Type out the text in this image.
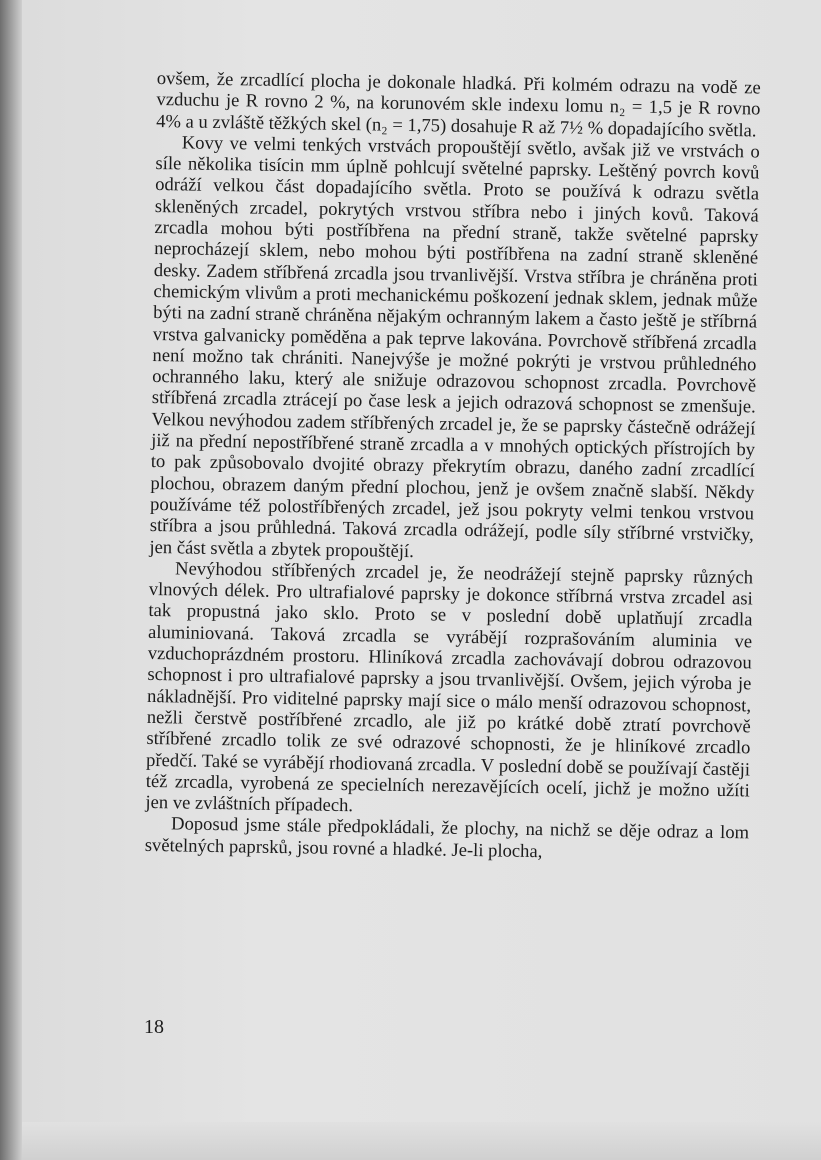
ovšem, že zrcadlící plocha je dokonale hladká. Při kolmém odrazu na vodě ze vzduchu je R rovno 2 %, na korunovém skle indexu lomu n₂ = 1,5 je R rovno 4% a u zvláště těžkých skel (n₂ = 1,75) dosahuje R až 7½ % dopadajícího světla.

Kovy ve velmi tenkých vrstvách propouštějí světlo, avšak již ve vrstvách o síle několika tisícin mm úplně pohlcují světelné paprsky. Leštěný povrch kovů odráží velkou část dopadajícího světla. Proto se používá k odrazu světla skleněných zrcadel, pokrytých vrstvou stříbra nebo i jiných kovů. Taková zrcadla mohou býti postříbřena na přední straně, takže světelné paprsky neprocházejí sklem, nebo mohou býti postříbřena na zadní straně skleněné desky. Zadem stříbřená zrcadla jsou trvanlivější. Vrstva stříbra je chráněna proti chemickým vlivům a proti mechanickému poškození jednak sklem, jednak může býti na zadní straně chráněna nějakým ochranným lakem a často ještě je stříbrná vrstva galvanicky poměděna a pak teprve lakována. Povrchově stříbřená zrcadla není možno tak chrániti. Nanejvýše je možné pokrýti je vrstvou průhledného ochranného laku, který ale snižuje odrazovou schopnost zrcadla. Povrchově stříbřená zrcadla ztrácejí po čase lesk a jejich odrazová schopnost se zmenšuje. Velkou nevýhodou zadem stříbřených zrcadel je, že se paprsky částečně odrážejí již na přední nepostříbřené straně zrcadla a v mnohých optických přístrojích by to pak způsobovalo dvojité obrazy překrytím obrazu, daného zadní zrcadlící plochou, obrazem daným přední plochou, jenž je ovšem značně slabší. Někdy používáme též polostříbřených zrcadel, jež jsou pokryty velmi tenkou vrstvou stříbra a jsou průhledná. Taková zrcadla odrážejí, podle síly stříbrné vrstvičky, jen část světla a zbytek propouštějí.

Nevýhodou stříbřených zrcadel je, že neodrážejí stejně paprsky různých vlnových délek. Pro ultrafialové paprsky je dokonce stříbrná vrstva zrcadel asi tak propustná jako sklo. Proto se v poslední době uplatňují zrcadla aluminiovaná. Taková zrcadla se vyrábějí rozprašováním aluminia ve vzduchoprázdném prostoru. Hliníková zrcadla zachovávají dobrou odrazovou schopnost i pro ultrafialové paprsky a jsou trvanlivější. Ovšem, jejich výroba je nákladnější. Pro viditelné paprsky mají sice o málo menší odrazovou schopnost, nežli čerstvě postříbřené zrcadlo, ale již po krátké době ztratí povrchově stříbřené zrcadlo tolik ze své odrazové schopnosti, že je hliníkové zrcadlo předčí. Také se vyrábějí rhodiovaná zrcadla. V poslední době se používají častěji též zrcadla, vyrobená ze specielních nerezavějících ocelí, jichž je možno užíti jen ve zvláštních případech.

Doposud jsme stále předpokládali, že plochy, na nichž se děje odraz a lom světelných paprsků, jsou rovné a hladké. Je-li plocha,

18
